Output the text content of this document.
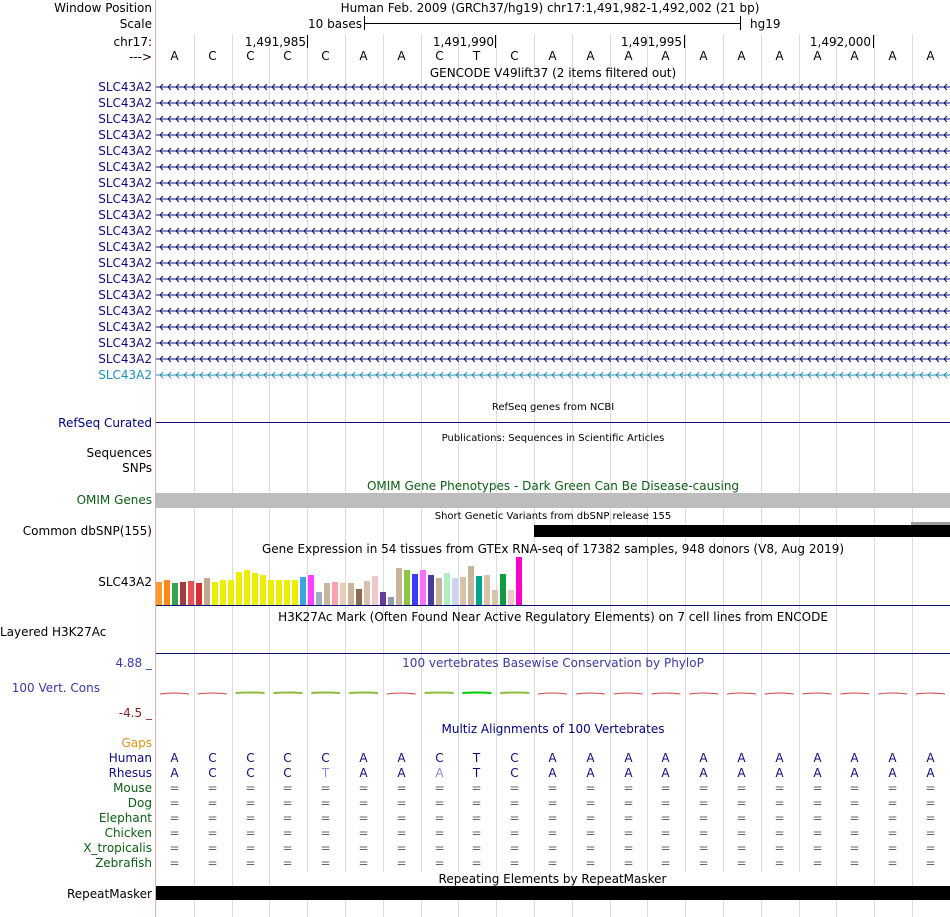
Window Position
Scale
chr17:
--->
Human Feb. 2009 (GRCh37/hg19) chr17:1,491,982-1,492,002 (21 bp)
10 bases	hg19
1,491,985	1,491,990	1,491,995	1,492,000
A	C	C	C	C	A	A	C	T	C	A	A	A	A	A	A	A	A	A	A	A
GENCODE V49lift37 (2 items filtered out)
SLC43A2
SLC43A2
SLC43A2
SLC43A2
SLC43A2
SLC43A2
SLC43A2
SLC43A2
SLC43A2
SLC43A2
SLC43A2
SLC43A2
SLC43A2
SLC43A2
SLC43A2
SLC43A2
SLC43A2
SLC43A2
SLC43A2
RefSeq genes from NCBI
RefSeq Curated
Publications: Sequences in Scientific Articles
Sequences
SNPs
OMIM Gene Phenotypes - Dark Green Can Be Disease-causing
OMIM Genes
Short Genetic Variants from dbSNP release 155
Common dbSNP(155)
Gene Expression in 54 tissues from GTEx RNA-seq of 17382 samples, 948 donors (V8, Aug 2019)
SLC43A2
H3K27Ac Mark (Often Found Near Active Regulatory Elements) on 7 cell lines from ENCODE
Layered H3K27Ac
100 vertebrates Basewise Conservation by PhyloP
4.88 _
100 Vert. Cons
-4.5 _
Multiz Alignments of 100 Vertebrates
Gaps
Human	A	C	C	C	C	A	A	C	T	C	A	A	A	A	A	A	A	A	A	A	A
Rhesus	A	C	C	C	T	A	A	A	T	C	A	A	A	A	A	A	A	A	A	A	A
Mouse	=	=	=	=	=	=	=	=	=	=	=	=	=	=	=	=	=	=	=	=	=
Dog	=	=	=	=	=	=	=	=	=	=	=	=	=	=	=	=	=	=	=	=	=
Elephant	=	=	=	=	=	=	=	=	=	=	=	=	=	=	=	=	=	=	=	=	=
Chicken	=	=	=	=	=	=	=	=	=	=	=	=	=	=	=	=	=	=	=	=	=
X_tropicalis	=	=	=	=	=	=	=	=	=	=	=	=	=	=	=	=	=	=	=	=	=
Zebrafish	=	=	=	=	=	=	=	=	=	=	=	=	=	=	=	=	=	=	=	=	=
RepeatMasker
Repeating Elements by RepeatMasker
